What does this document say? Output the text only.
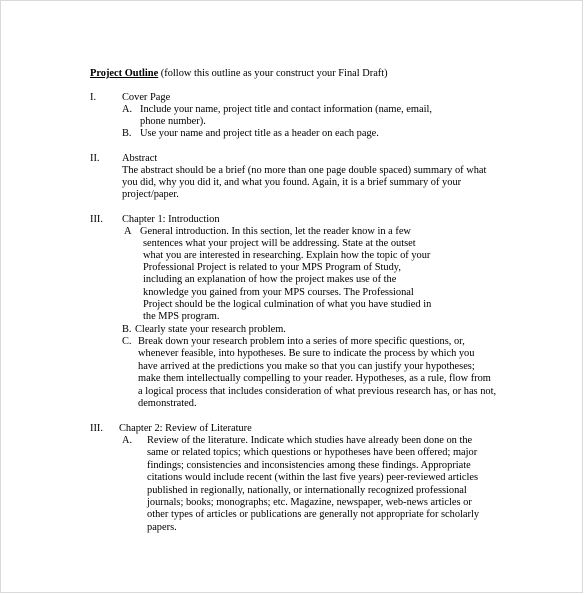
Project Outline (follow this outline as your construct your Final Draft)
I. Cover Page
A. Include your name, project title and contact information (name, email,
phone number).
B. Use your name and project title as a header on each page.
II. Abstract
The abstract should be a brief (no more than one page double spaced) summary of what
you did, why you did it, and what you found. Again, it is a brief summary of your
project/paper.
III. Chapter 1: Introduction
A General introduction. In this section, let the reader know in a few
sentences what your project will be addressing. State at the outset
what you are interested in researching. Explain how the topic of your
Professional Project is related to your MPS Program of Study,
including an explanation of how the project makes use of the
knowledge you gained from your MPS courses. The Professional
Project should be the logical culmination of what you have studied in
the MPS program.
B. Clearly state your research problem.
C. Break down your research problem into a series of more specific questions, or,
whenever feasible, into hypotheses. Be sure to indicate the process by which you
have arrived at the predictions you make so that you can justify your hypotheses;
make them intellectually compelling to your reader. Hypotheses, as a rule, flow from
a logical process that includes consideration of what previous research has, or has not,
demonstrated.
III. Chapter 2: Review of Literature
A. Review of the literature. Indicate which studies have already been done on the
same or related topics; which questions or hypotheses have been offered; major
findings; consistencies and inconsistencies among these findings. Appropriate
citations would include recent (within the last five years) peer-reviewed articles
published in regionally, nationally, or internationally recognized professional
journals; books; monographs; etc. Magazine, newspaper, web-news articles or
other types of articles or publications are generally not appropriate for scholarly
papers.
